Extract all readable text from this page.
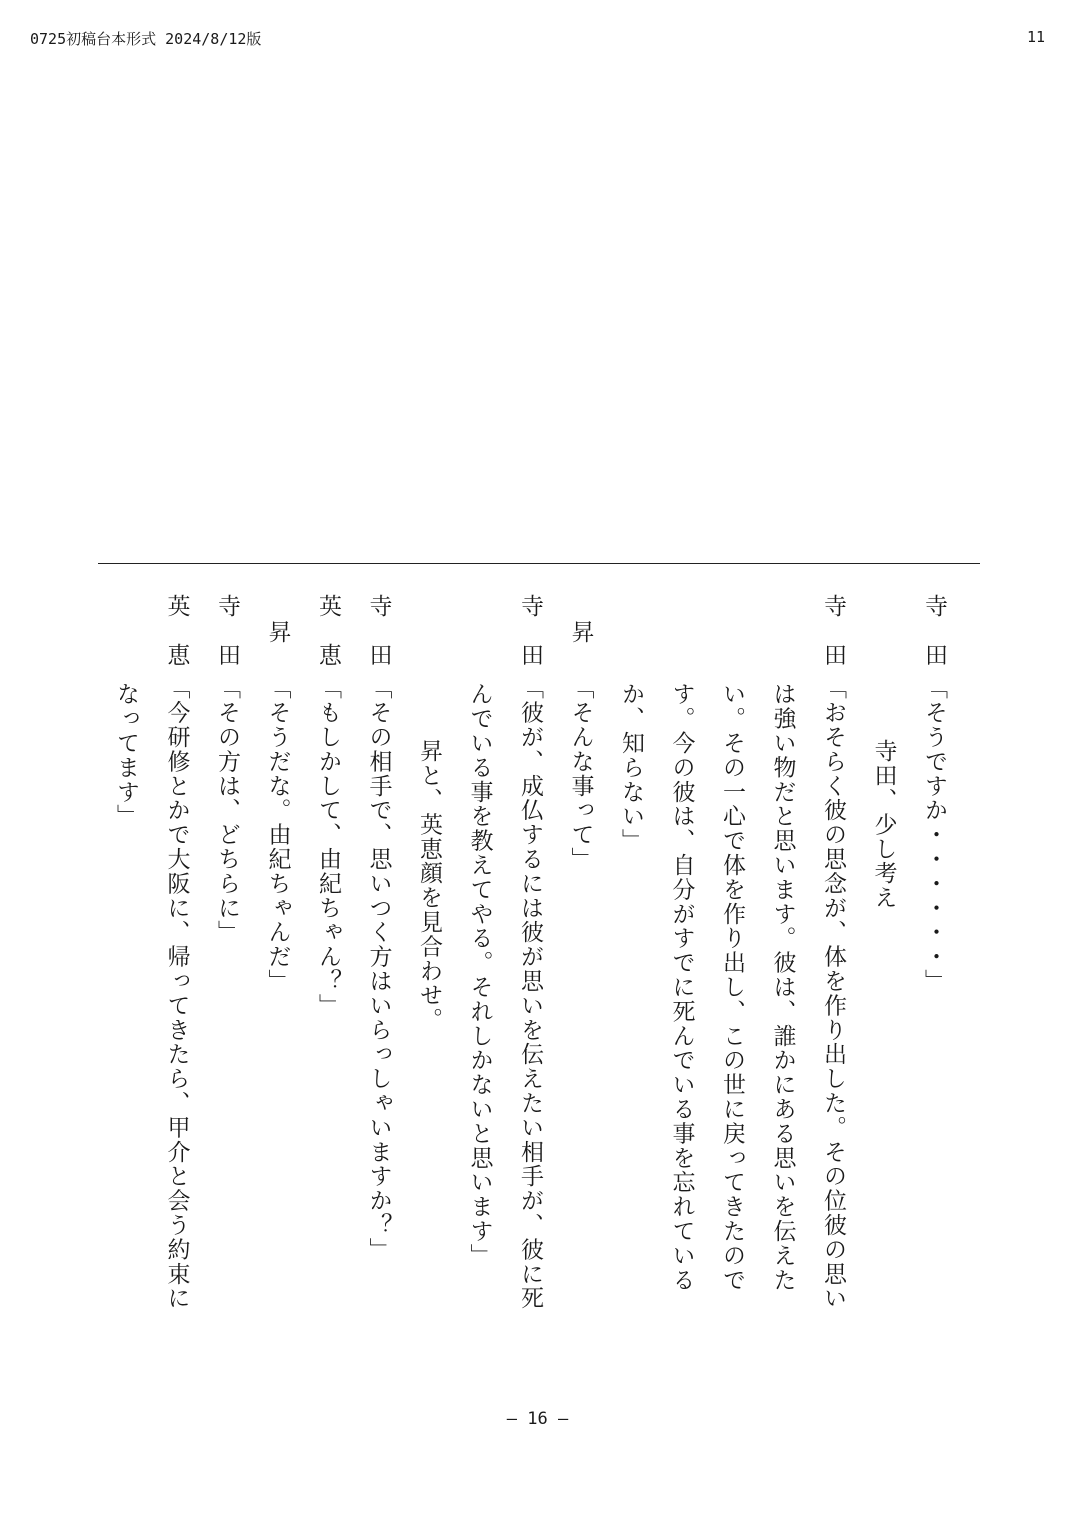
0725初稿台本形式 2024/8/12版	11
寺　田
「そうですか・・・・・・」
寺田、少し考え
寺　田
「おそらく彼の思念が、体を作り出した。その位彼の思い
は強い物だと思います。彼は、誰かにある思いを伝えた
い。その一心で体を作り出し、この世に戻ってきたので
す。今の彼は、自分がすでに死んでいる事を忘れている
か、知らない」
昇
「そんな事って」
寺　田
「彼が、成仏するには彼が思いを伝えたい相手が、彼に死
んでいる事を教えてやる。それしかないと思います」
昇と、英恵顔を見合わせ。
寺　田
「その相手で、思いつく方はいらっしゃいますか？」
英　恵
「もしかして、由紀ちゃん？」
昇
「そうだな。由紀ちゃんだ」
寺　田
「その方は、どちらに」
英　恵
「今研修とかで大阪に、帰ってきたら、甲介と会う約束に
なってます」
― 16 ―
